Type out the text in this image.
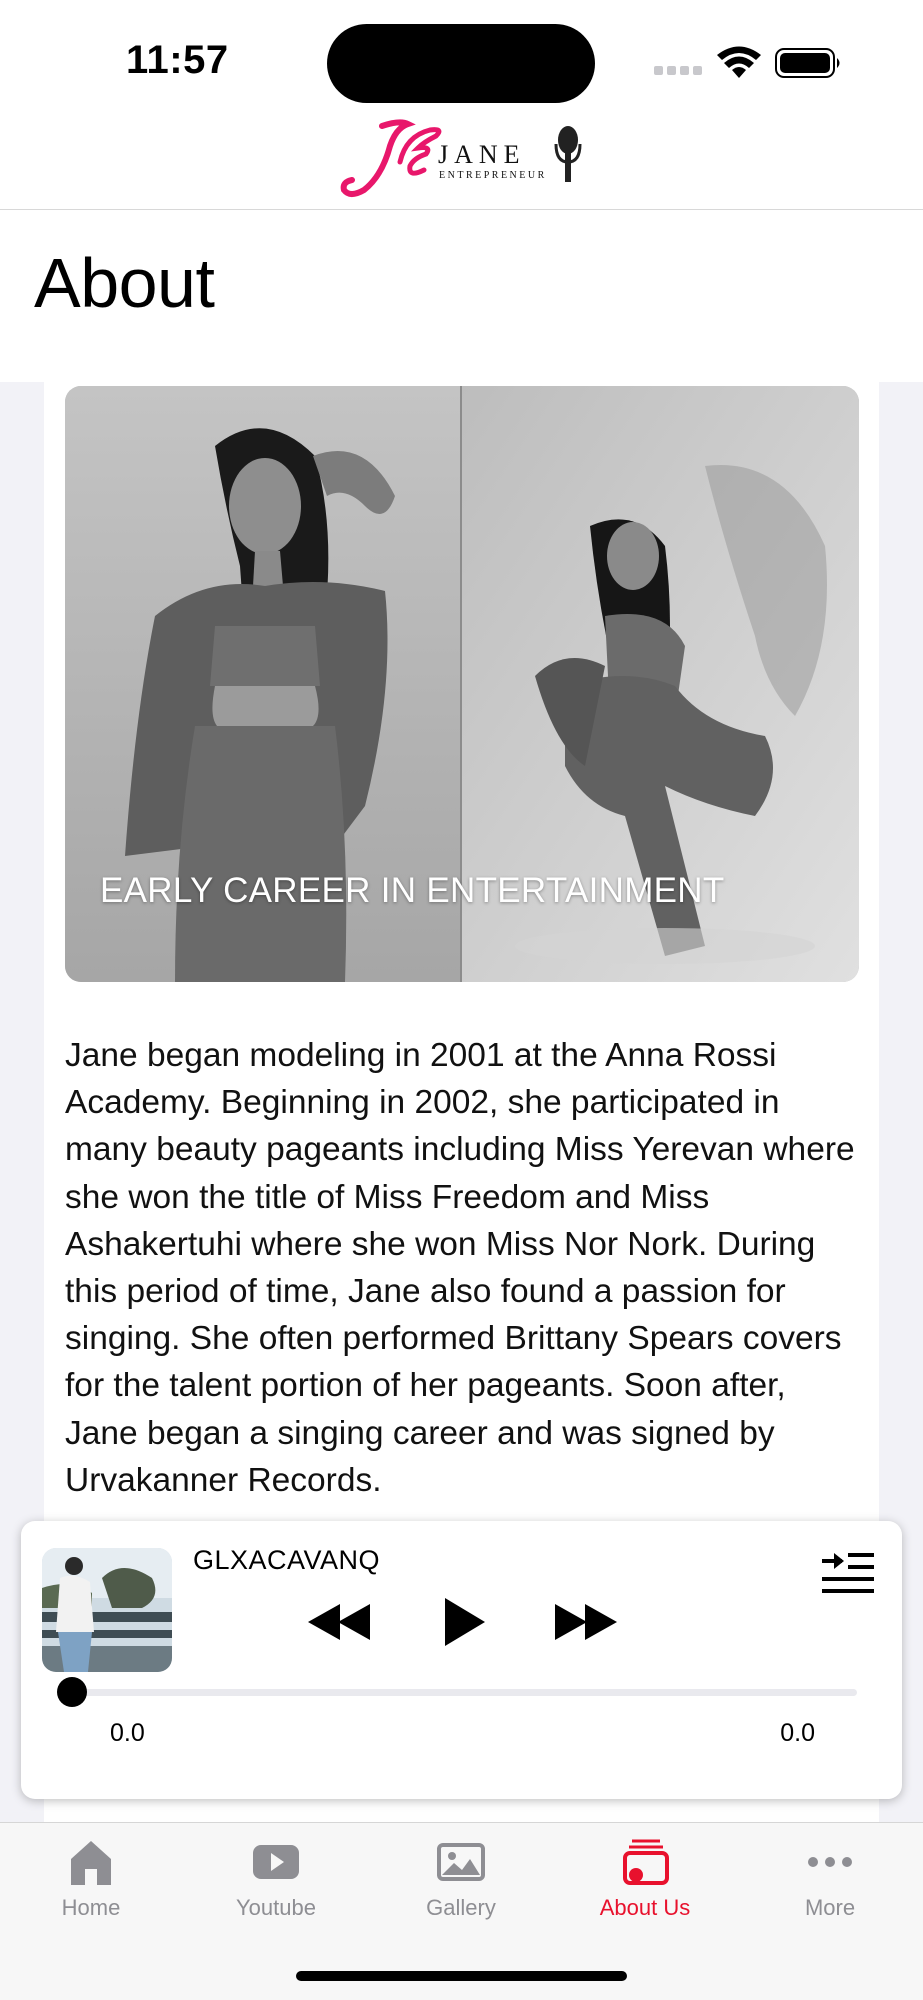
11:57
JANE
ENTREPRENEUR
About
EARLY CAREER IN ENTERTAINMENT

Jane began modeling in 2001 at the Anna Rossi Academy. Beginning in 2002, she participated in many beauty pageants including Miss Yerevan where she won the title of Miss Freedom and Miss Ashakertuhi where she won Miss Nor Nork. During this period of time, Jane also found a passion for singing. She often performed Brittany Spears covers for the talent portion of her pageants. Soon after, Jane began a singing career and was signed by Urvakanner Records.

GLXACAVANQ
0.0	0.0
Home	Youtube	Gallery	About Us	More
